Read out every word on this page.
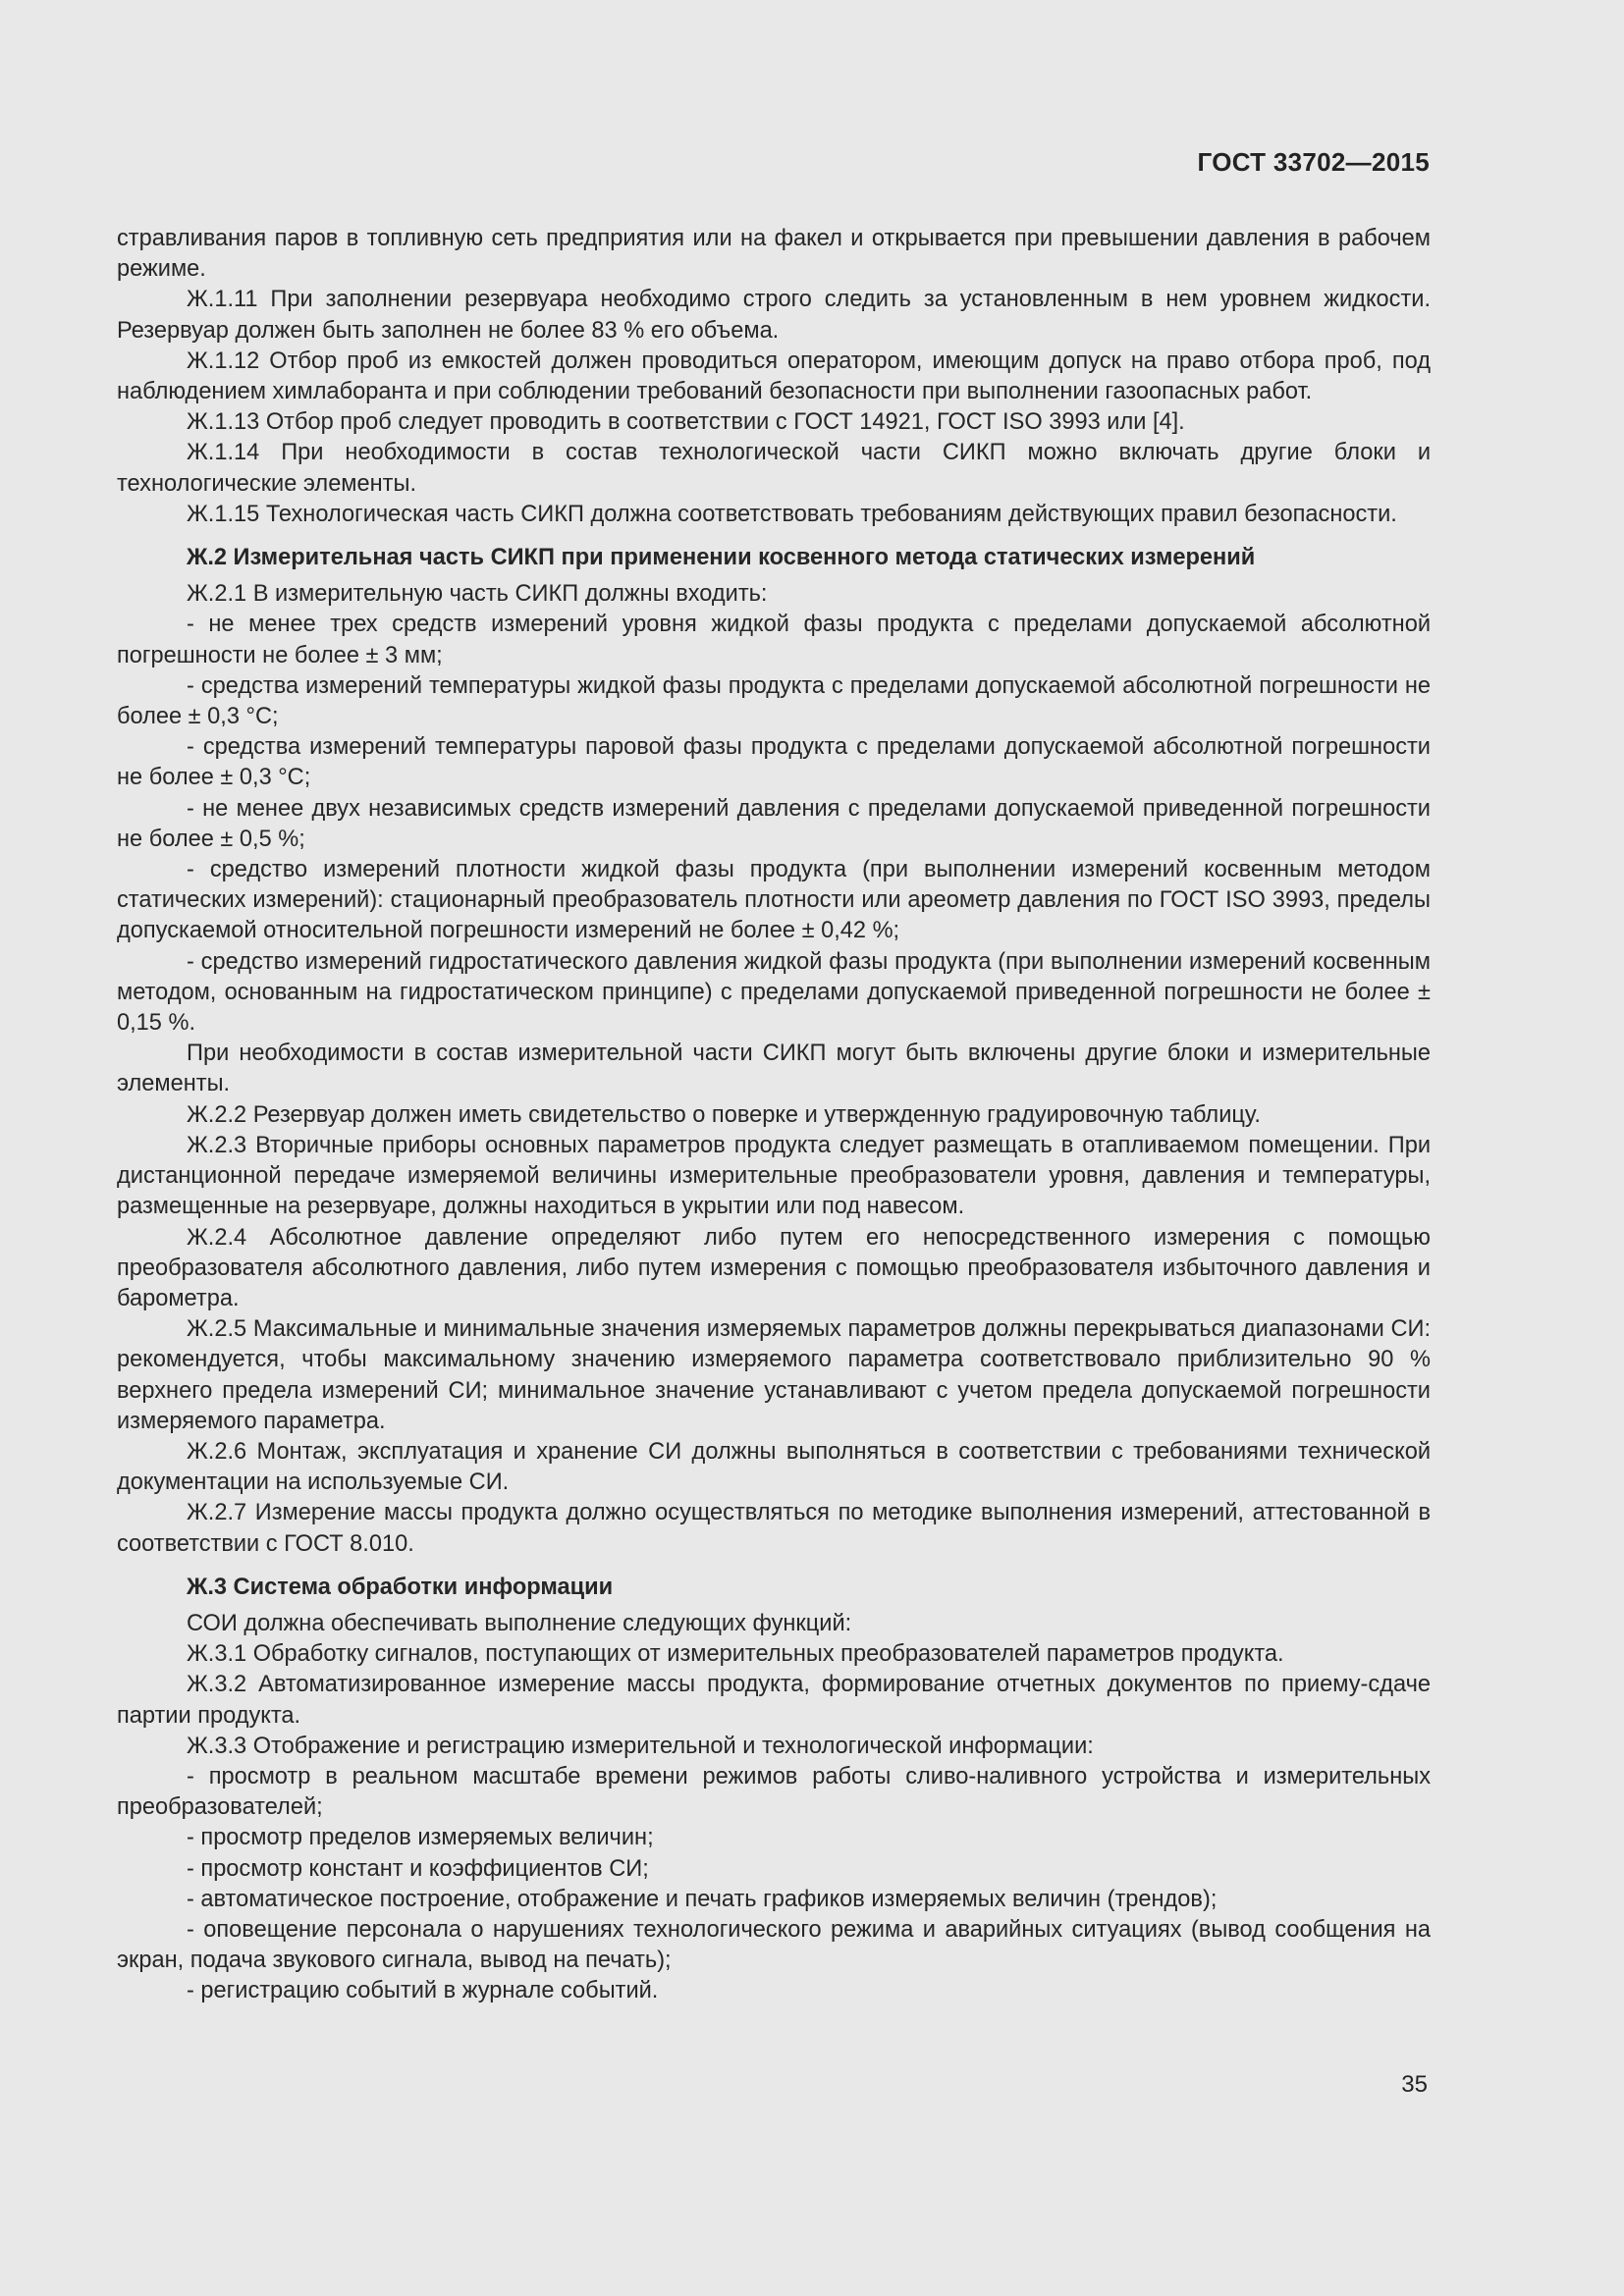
ГОСТ 33702—2015

стравливания паров в топливную сеть предприятия или на факел и открывается при превышении давления в рабочем режиме.

Ж.1.11 При заполнении резервуара необходимо строго следить за установленным в нем уровнем жидкости. Резервуар должен быть заполнен не более 83 % его объема.

Ж.1.12 Отбор проб из емкостей должен проводиться оператором, имеющим допуск на право отбора проб, под наблюдением химлаборанта и при соблюдении требований безопасности при выполнении газоопасных работ.

Ж.1.13 Отбор проб следует проводить в соответствии с ГОСТ 14921, ГОСТ ISO 3993 или [4].

Ж.1.14 При необходимости в состав технологической части СИКП можно включать другие блоки и технологические элементы.

Ж.1.15 Технологическая часть СИКП должна соответствовать требованиям действующих правил безопасности.

Ж.2 Измерительная часть СИКП при применении косвенного метода статических измерений

Ж.2.1 В измерительную часть СИКП должны входить:

- не менее трех средств измерений уровня жидкой фазы продукта с пределами допускаемой абсолютной погрешности не более ± 3 мм;

- средства измерений температуры жидкой фазы продукта с пределами допускаемой абсолютной погрешности не более ± 0,3 °С;

- средства измерений температуры паровой фазы продукта с пределами допускаемой абсолютной погрешности не более ± 0,3 °С;

- не менее двух независимых средств измерений давления с пределами допускаемой приведенной погрешности не более ± 0,5 %;

- средство измерений плотности жидкой фазы продукта (при выполнении измерений косвенным методом статических измерений): стационарный преобразователь плотности или ареометр давления по ГОСТ ISO 3993, пределы допускаемой относительной погрешности измерений не более ± 0,42 %;

- средство измерений гидростатического давления жидкой фазы продукта (при выполнении измерений косвенным методом, основанным на гидростатическом принципе) с пределами допускаемой приведенной погрешности не более ± 0,15 %.

При необходимости в состав измерительной части СИКП могут быть включены другие блоки и измерительные элементы.

Ж.2.2 Резервуар должен иметь свидетельство о поверке и утвержденную градуировочную таблицу.

Ж.2.3 Вторичные приборы основных параметров продукта следует размещать в отапливаемом помещении. При дистанционной передаче измеряемой величины измерительные преобразователи уровня, давления и температуры, размещенные на резервуаре, должны находиться в укрытии или под навесом.

Ж.2.4 Абсолютное давление определяют либо путем его непосредственного измерения с помощью преобразователя абсолютного давления, либо путем измерения с помощью преобразователя избыточного давления и барометра.

Ж.2.5 Максимальные и минимальные значения измеряемых параметров должны перекрываться диапазонами СИ: рекомендуется, чтобы максимальному значению измеряемого параметра соответствовало приблизительно 90 % верхнего предела измерений СИ; минимальное значение устанавливают с учетом предела допускаемой погрешности измеряемого параметра.

Ж.2.6 Монтаж, эксплуатация и хранение СИ должны выполняться в соответствии с требованиями технической документации на используемые СИ.

Ж.2.7 Измерение массы продукта должно осуществляться по методике выполнения измерений, аттестованной в соответствии с ГОСТ 8.010.

Ж.3 Система обработки информации

СОИ должна обеспечивать выполнение следующих функций:

Ж.3.1 Обработку сигналов, поступающих от измерительных преобразователей параметров продукта.

Ж.3.2 Автоматизированное измерение массы продукта, формирование отчетных документов по приему-сдаче партии продукта.

Ж.3.3 Отображение и регистрацию измерительной и технологической информации:

- просмотр в реальном масштабе времени режимов работы сливо-наливного устройства и измерительных преобразователей;

- просмотр пределов измеряемых величин;

- просмотр констант и коэффициентов СИ;

- автоматическое построение, отображение и печать графиков измеряемых величин (трендов);

- оповещение персонала о нарушениях технологического режима и аварийных ситуациях (вывод сообщения на экран, подача звукового сигнала, вывод на печать);

- регистрацию событий в журнале событий.

35
